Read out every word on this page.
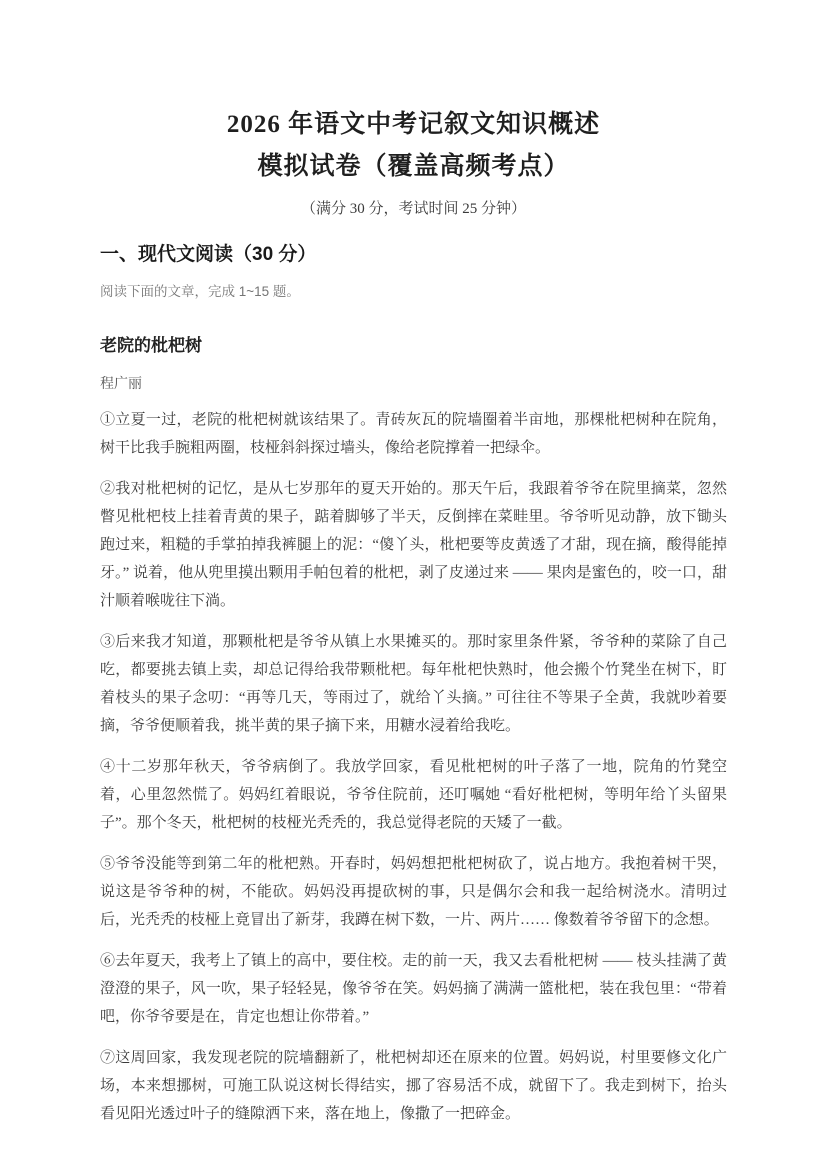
2026 年语文中考记叙文知识概述
模拟试卷（覆盖高频考点）
（满分 30 分，考试时间 25 分钟）
一、现代文阅读（30 分）
阅读下面的文章，完成 1~15 题。
老院的枇杷树
程广丽

①立夏一过，老院的枇杷树就该结果了。青砖灰瓦的院墙圈着半亩地，那棵枇杷树种在院角，树干比我手腕粗两圈，枝桠斜斜探过墙头，像给老院撑着一把绿伞。

②我对枇杷树的记忆，是从七岁那年的夏天开始的。那天午后，我跟着爷爷在院里摘菜，忽然瞥见枇杷枝上挂着青黄的果子，踮着脚够了半天，反倒摔在菜畦里。爷爷听见动静，放下锄头跑过来，粗糙的手掌拍掉我裤腿上的泥：“傻丫头，枇杷要等皮黄透了才甜，现在摘，酸得能掉牙。” 说着，他从兜里摸出颗用手帕包着的枇杷，剥了皮递过来 —— 果肉是蜜色的，咬一口，甜汁顺着喉咙往下淌。

③后来我才知道，那颗枇杷是爷爷从镇上水果摊买的。那时家里条件紧，爷爷种的菜除了自己吃，都要挑去镇上卖，却总记得给我带颗枇杷。每年枇杷快熟时，他会搬个竹凳坐在树下，盯着枝头的果子念叨：“再等几天，等雨过了，就给丫头摘。” 可往往不等果子全黄，我就吵着要摘，爷爷便顺着我，挑半黄的果子摘下来，用糖水浸着给我吃。

④十二岁那年秋天，爷爷病倒了。我放学回家，看见枇杷树的叶子落了一地，院角的竹凳空着，心里忽然慌了。妈妈红着眼说，爷爷住院前，还叮嘱她 “看好枇杷树，等明年给丫头留果子”。那个冬天，枇杷树的枝桠光秃秃的，我总觉得老院的天矮了一截。

⑤爷爷没能等到第二年的枇杷熟。开春时，妈妈想把枇杷树砍了，说占地方。我抱着树干哭，说这是爷爷种的树，不能砍。妈妈没再提砍树的事，只是偶尔会和我一起给树浇水。清明过后，光秃秃的枝桠上竟冒出了新芽，我蹲在树下数，一片、两片…… 像数着爷爷留下的念想。

⑥去年夏天，我考上了镇上的高中，要住校。走的前一天，我又去看枇杷树 —— 枝头挂满了黄澄澄的果子，风一吹，果子轻轻晃，像爷爷在笑。妈妈摘了满满一篮枇杷，装在我包里：“带着吧，你爷爷要是在，肯定也想让你带着。”

⑦这周回家，我发现老院的院墙翻新了，枇杷树却还在原来的位置。妈妈说，村里要修文化广场，本来想挪树，可施工队说这树长得结实，挪了容易活不成，就留下了。我走到树下，抬头看见阳光透过叶子的缝隙洒下来，落在地上，像撒了一把碎金。
